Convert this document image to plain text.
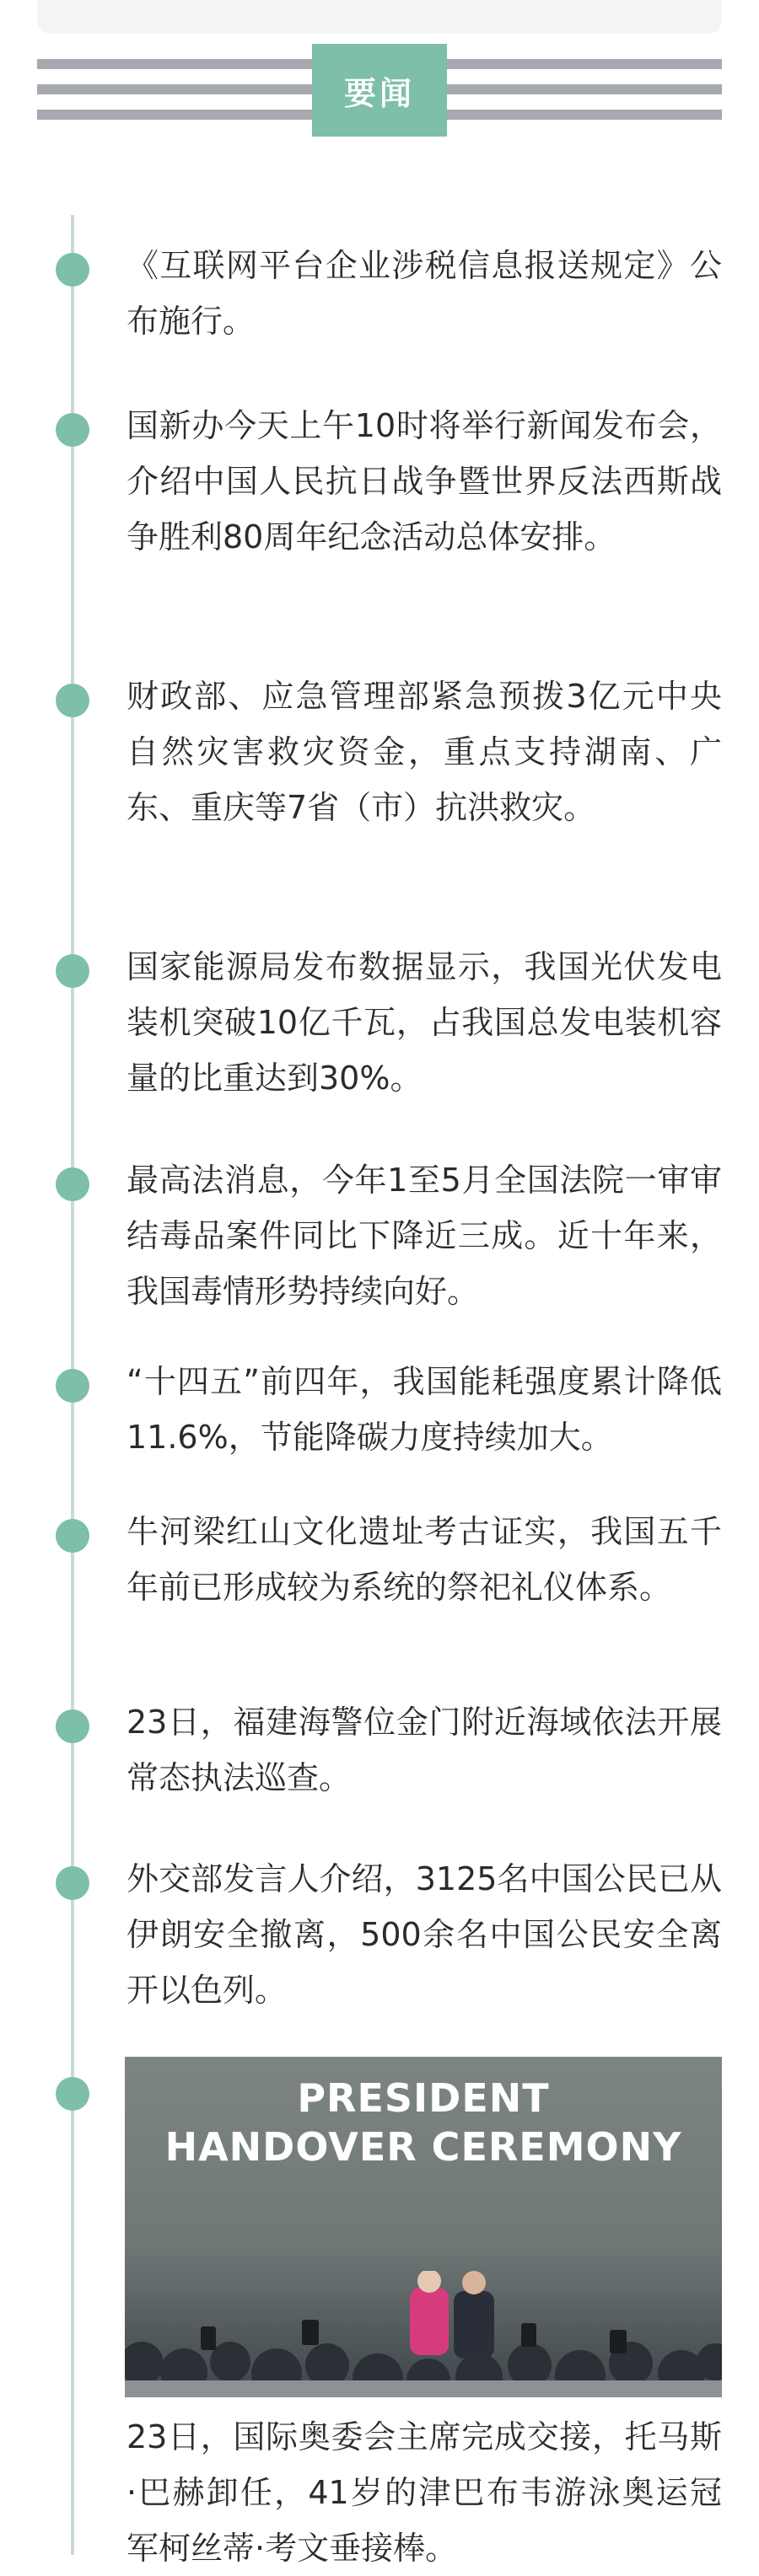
要闻
《互联网平台企业涉税信息报送规定》公布施行。
国新办今天上午10时将举行新闻发布会，介绍中国人民抗日战争暨世界反法西斯战争胜利80周年纪念活动总体安排。
财政部、应急管理部紧急预拨3亿元中央自然灾害救灾资金，重点支持湖南、广东、重庆等7省（市）抗洪救灾。
国家能源局发布数据显示，我国光伏发电装机突破10亿千瓦，占我国总发电装机容量的比重达到30%。
最高法消息，今年1至5月全国法院一审审结毒品案件同比下降近三成。近十年来，我国毒情形势持续向好。
“十四五”前四年，我国能耗强度累计降低11.6%，节能降碳力度持续加大。
牛河梁红山文化遗址考古证实，我国五千年前已形成较为系统的祭祀礼仪体系。
23日，福建海警位金门附近海域依法开展常态执法巡查。
外交部发言人介绍，3125名中国公民已从伊朗安全撤离，500余名中国公民安全离开以色列。
PRESIDENT
HANDOVER CEREMONY
23日，国际奥委会主席完成交接，托马斯·巴赫卸任，41岁的津巴布韦游泳奥运冠军柯丝蒂·考文垂接棒。
